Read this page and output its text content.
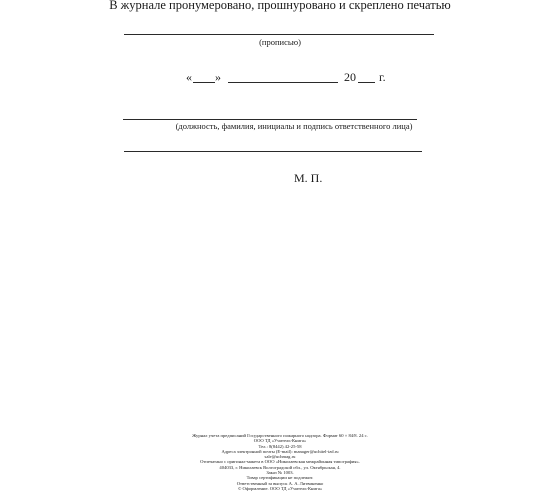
В журнале пронумеровано, прошнуровано и скреплено печатью
(прописью)
« »	20 г.
(должность, фамилия, инициалы и подпись ответственного лица)
М. П.
Журнал учета предписаний Государственного пожарного надзора. Формат 60 × 84/8. 24 с.
ООО ТД «Учитель-Книга»
Тел.: 8(8442) 42-25-58
Адреса электронной почты (E-mail): manager@uchitel-izd.ru
sale@uchmag.ru
Отпечатано с оригинал-макета в ООО «Николаевская межрайонная типография».
404033, г. Николаевск Волгоградской обл., ул. Октябрьская, 4.
Заказ № 1003.
Товар сертификации не подлежит.
Ответственный за выпуск А. А. Литвиненко
© Оформление. ООО ТД «Учитель-Книга»
